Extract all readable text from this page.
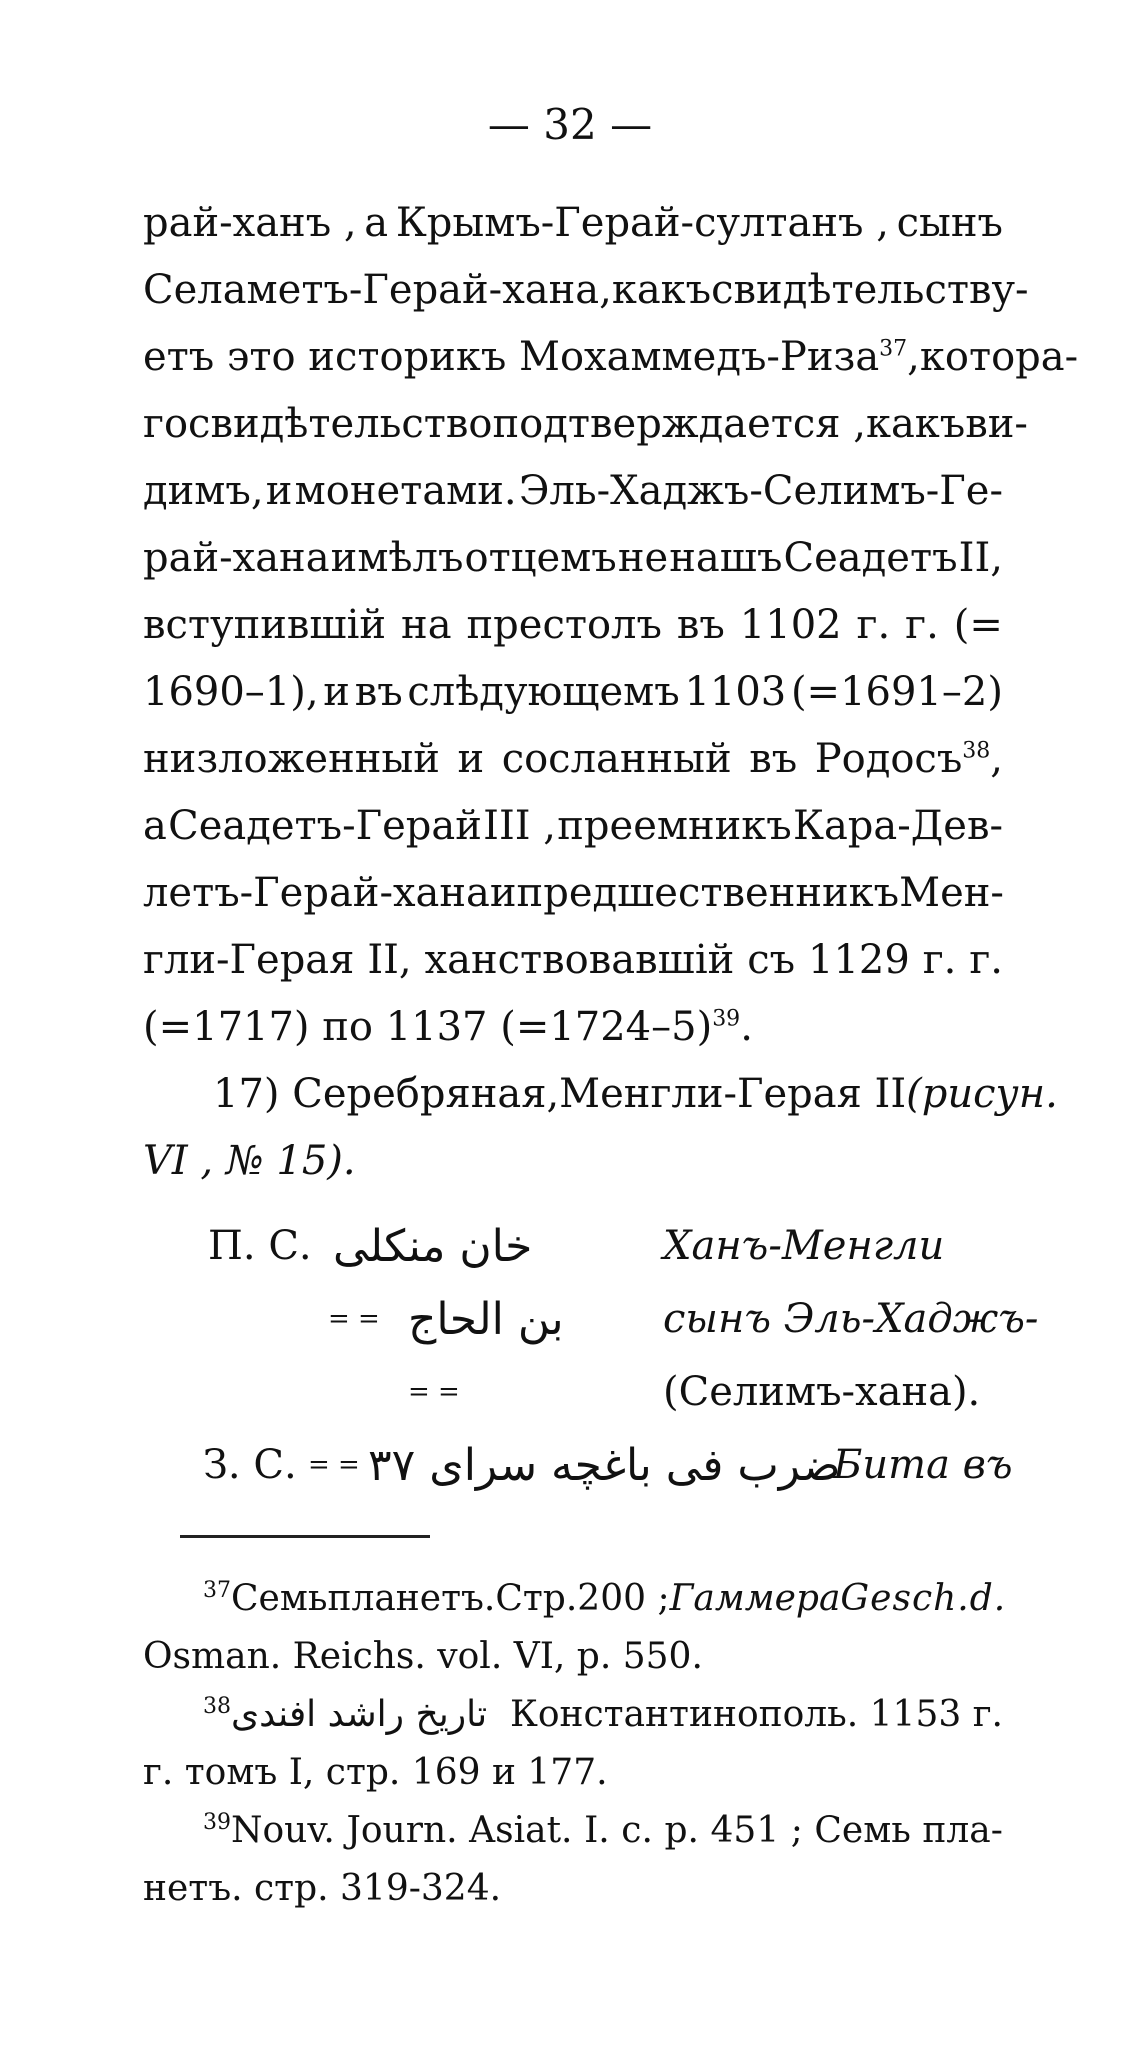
— 32 —
рай-ханъ , а Крымъ-Герай-султанъ , сынъ
Селаметъ-Герай-хана, какъ свидѣтельству-
етъ это историкъ Мохаммедъ-Риза$^{37}$, котора-
го свидѣтельство подтверждается , какъ ви-
димъ, и монетами. Эль-Хаджъ-Селимъ-Ге-
рай-хана имѣлъ отцемъ не нашъ Сеадетъ II,
вступившій на престолъ въ 1102 г. г. (=
1690–1), и въ слѣдующемъ 1103 (=1691–2)
низложенный и сосланный въ Родосъ$^{38}$,
а Сеадетъ-Герай III , преемникъ Кара-Дев-
летъ-Герай-хана и предшественникъ Мен-
гли-Герая II, ханствовавшій съ 1129 г. г.
(=1717) по 1137 (=1724–5)$^{39}$.
17) Серебряная, Менгли-Герая II (рисун.
VI , № 15).
П. С. خان منكلى	Ханъ-Менгли
= = بن الحاج сынъ Эль-Хаджъ-
= =	(Селимъ-хана).
З. С. = = ضرب فى باغچه سراى ٣٧
Бита въ
$^{37}$Семь планетъ. Стр. 200 ; Гаммера Gesch. d.
Osman. Reichs. vol. VI, p. 550.
$^{38}$تاريخ راشد افندى Константинополь. 1153 г.
г. томъ I, стр. 169 и 177.
$^{39}$Nouv. Journ. Asiat. I. c. p. 451 ; Семь пла-
нетъ. стр. 319-324.
